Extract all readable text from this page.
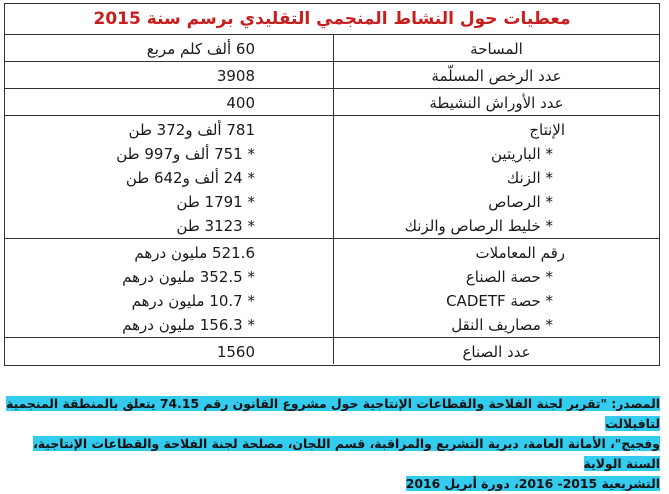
معطيات حول النشاط المنجمي التقليدي برسم سنة 2015
المساحة
60 ألف كلم مربع
عدد الرخص المسلّمة
3908
عدد الأوراش النشيطة
400
الإنتاج
* الباريتين
* الزنك
* الرصاص
* خليط الرصاص والزنك
781 ألف و372 طن
* 751 ألف و997 طن
* 24 ألف و642 طن
* 1791 طن
* 3123 طن
رقم المعاملات
* حصة الصناع
* حصة CADETF
* مصاريف النقل
521.6 مليون درهم
* 352.5 مليون درهم
* 10.7 مليون درهم
* 156.3 مليون درهم
عدد الصناع
1560
المصدر: "تقرير لجنة الفلاحة والقطاعات الإنتاجية حول مشروع القانون رقم 74.15 يتعلق بالمنطقة المنجمية لتافيلالت
وفجيج"، الأمانة العامة، ديرية التشريع والمراقبة، قسم اللجان، مصلحة لجنة الفلاحة والقطاعات الإنتاجية، السنة الولاية
التشريعية 2015- 2016، دورة أبريل 2016
